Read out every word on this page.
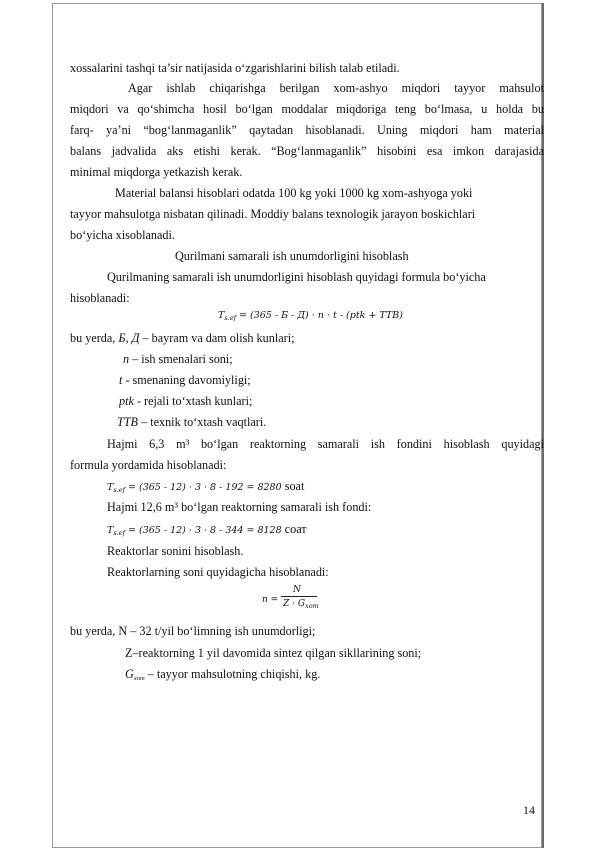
xossalarini tashqi ta’sir natijasida o‘zgarishlarini bilish talab etiladi.
Agar ishlab chiqarishga berilgan xom-ashyo miqdori tayyor mahsulot
miqdori va qo‘shimcha hosil bo‘lgan moddalar miqdoriga teng bo‘lmasa, u holda bu
farq- ya’ni “bog‘lanmaganlik” qaytadan hisoblanadi. Uning miqdori ham material
balans jadvalida aks etishi kerak. “Bog‘lanmaganlik” hisobini esa imkon darajasida
minimal miqdorga yetkazish kerak.
Material balansi hisoblari odatda 100 kg yoki 1000 kg xom-ashyoga yoki
tayyor mahsulotga nisbatan qilinadi. Moddiy balans texnologik jarayon boskichlari
bo‘yicha xisoblanadi.
Qurilmani samarali ish unumdorligini hisoblash
Qurilmaning samarali ish unumdorligini hisoblash quyidagi formula bo‘yicha
hisoblanadi:
$T_{s.ef} = (365 - Б - Д) \cdot n \cdot t - (ptk + TTB)$
bu yerda, Б, Д – bayram va dam olish kunlari;
n – ish smenalari soni;
t - smenaning davomiyligi;
ptk - rejali to‘xtash kunlari;
TTB – texnik to‘xtash vaqtlari.
Hajmi 6,3 m³ bo‘lgan reaktorning samarali ish fondini hisoblash quyidagi
formula yordamida hisoblanadi:
$T_{s.ef} = (365 - 12) \cdot 3 \cdot 8 - 192 = 8280$ soat
Hajmi 12,6 m³ bo‘lgan reaktorning samarali ish fondi:
$T_{s.ef} = (365 - 12) \cdot 3 \cdot 8 - 344 = 8128$ соат
Reaktorlar sonini hisoblash.
Reaktorlarning soni quyidagicha hisoblanadi:
n =
N
$Z \cdot G_{xom}$
bu yerda, N – 32 t/yil bo‘limning ish unumdorligi;
Z–reaktorning 1 yil davomida sintez qilgan sikllarining soni;
$G_{xom}$ – tayyor mahsulotning chiqishi, kg.
14
